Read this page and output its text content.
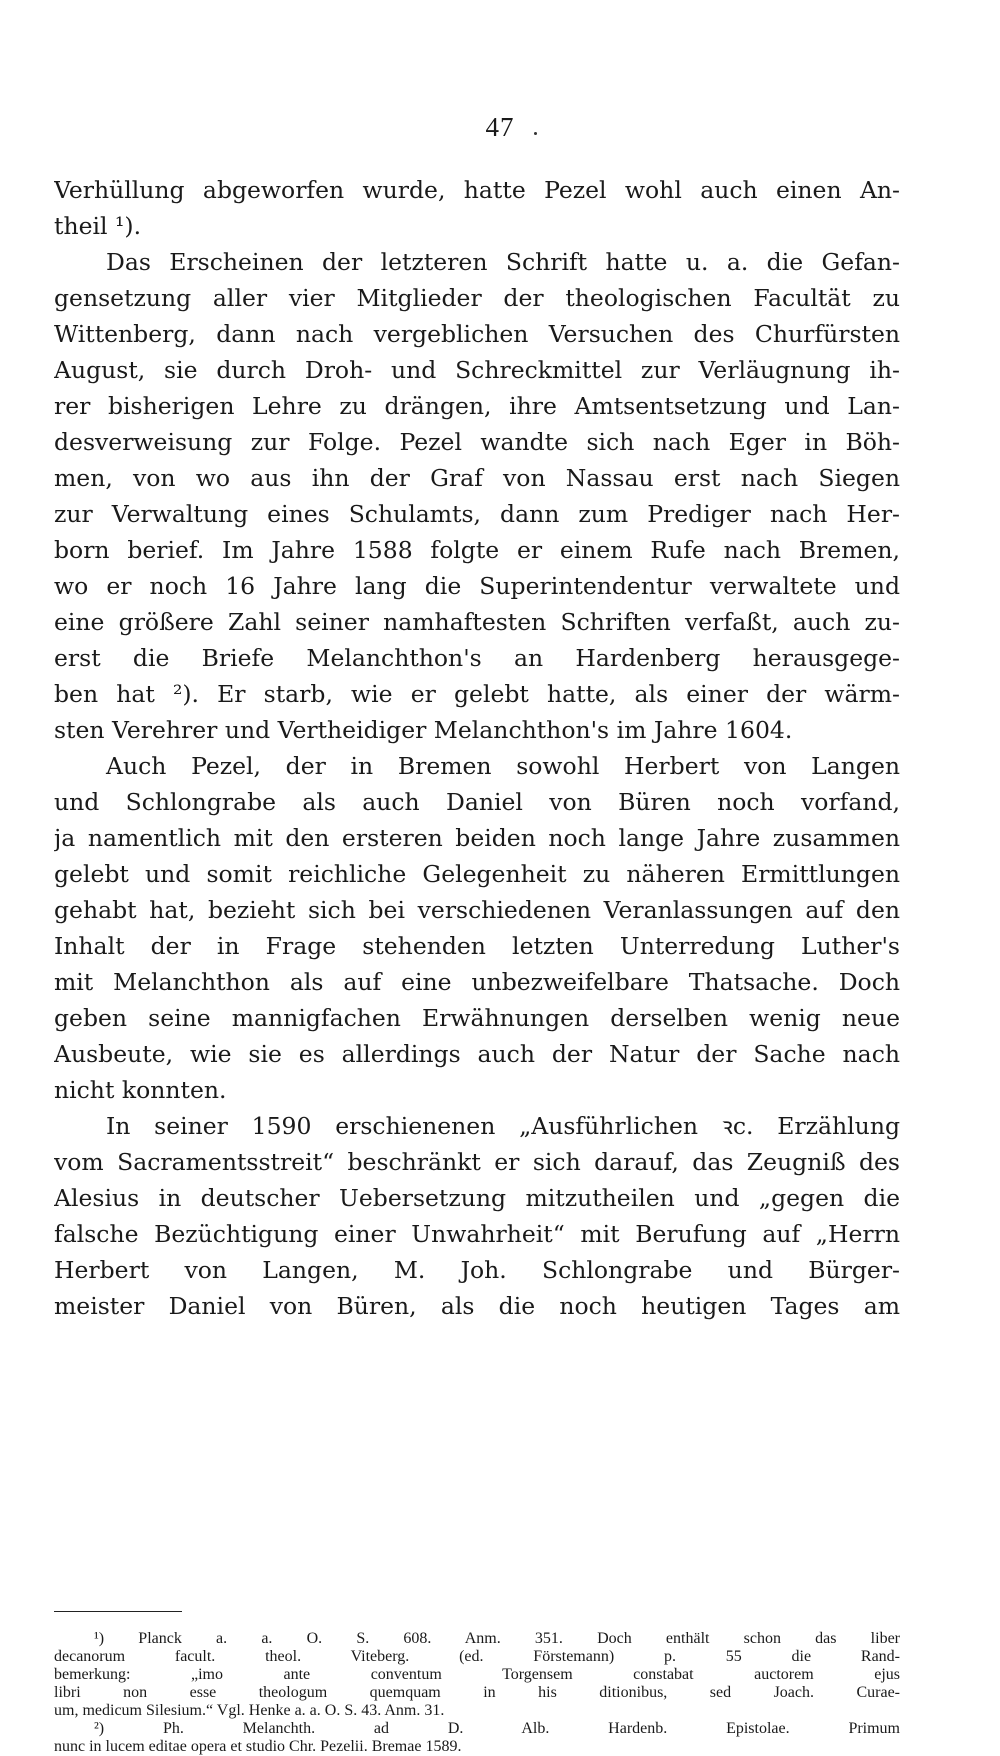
47
Verhüllung abgeworfen wurde, hatte Pezel wohl auch einen An-
theil ¹).
Das Erscheinen der letzteren Schrift hatte u. a. die Gefan-
gensetzung aller vier Mitglieder der theologischen Facultät zu
Wittenberg, dann nach vergeblichen Versuchen des Churfürsten
August, sie durch Droh- und Schreckmittel zur Verläugnung ih-
rer bisherigen Lehre zu drängen, ihre Amtsentsetzung und Lan-
desverweisung zur Folge. Pezel wandte sich nach Eger in Böh-
men, von wo aus ihn der Graf von Nassau erst nach Siegen
zur Verwaltung eines Schulamts, dann zum Prediger nach Her-
born berief. Im Jahre 1588 folgte er einem Rufe nach Bremen,
wo er noch 16 Jahre lang die Superintendentur verwaltete und
eine größere Zahl seiner namhaftesten Schriften verfaßt, auch zu-
erst die Briefe Melanchthon's an Hardenberg herausgege-
ben hat ²). Er starb, wie er gelebt hatte, als einer der wärm-
sten Verehrer und Vertheidiger Melanchthon's im Jahre 1604.
Auch Pezel, der in Bremen sowohl Herbert von Langen
und Schlongrabe als auch Daniel von Büren noch vorfand,
ja namentlich mit den ersteren beiden noch lange Jahre zusammen
gelebt und somit reichliche Gelegenheit zu näheren Ermittlungen
gehabt hat, bezieht sich bei verschiedenen Veranlassungen auf den
Inhalt der in Frage stehenden letzten Unterredung Luther's
mit Melanchthon als auf eine unbezweifelbare Thatsache. Doch
geben seine mannigfachen Erwähnungen derselben wenig neue
Ausbeute, wie sie es allerdings auch der Natur der Sache nach
nicht konnten.
In seiner 1590 erschienenen „Ausführlichen ꝛc. Erzählung
vom Sacramentsstreit“ beschränkt er sich darauf, das Zeugniß des
Alesius in deutscher Uebersetzung mitzutheilen und „gegen die
falsche Bezüchtigung einer Unwahrheit“ mit Berufung auf „Herrn
Herbert von Langen, M. Joh. Schlongrabe und Bürger-
meister Daniel von Büren, als die noch heutigen Tages am
¹) Planck a. a. O. S. 608. Anm. 351. Doch enthält schon das liber
decanorum facult. theol. Viteberg. (ed. Förstemann) p. 55 die Rand-
bemerkung: „imo ante conventum Torgensem constabat auctorem ejus
libri non esse theologum quemquam in his ditionibus, sed Joach. Curae-
um, medicum Silesium.“ Vgl. Henke a. a. O. S. 43. Anm. 31.
²) Ph. Melanchth. ad D. Alb. Hardenb. Epistolae. Primum
nunc in lucem editae opera et studio Chr. Pezelii. Bremae 1589.
